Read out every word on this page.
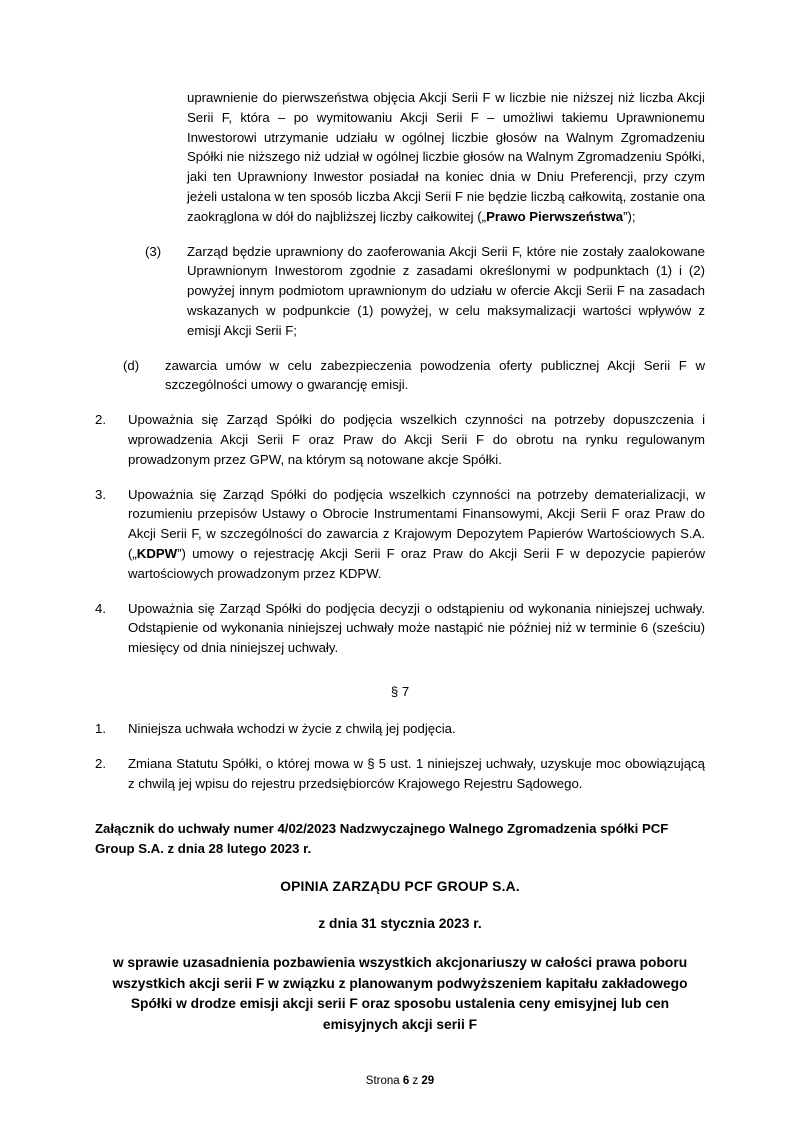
uprawnienie do pierwszeństwa objęcia Akcji Serii F w liczbie nie niższej niż liczba Akcji Serii F, która – po wymitowaniu Akcji Serii F – umożliwi takiemu Uprawnionemu Inwestorowi utrzymanie udziału w ogólnej liczbie głosów na Walnym Zgromadzeniu Spółki nie niższego niż udział w ogólnej liczbie głosów na Walnym Zgromadzeniu Spółki, jaki ten Uprawniony Inwestor posiadał na koniec dnia w Dniu Preferencji, przy czym jeżeli ustalona w ten sposób liczba Akcji Serii F nie będzie liczbą całkowitą, zostanie ona zaokrąglona w dół do najbliższej liczby całkowitej („Prawo Pierwszeństwa”);

(3)	Zarząd będzie uprawniony do zaoferowania Akcji Serii F, które nie zostały zaalokowane Uprawnionym Inwestorom zgodnie z zasadami określonymi w podpunktach (1) i (2) powyżej innym podmiotom uprawnionym do udziału w ofercie Akcji Serii F na zasadach wskazanych w podpunkcie (1) powyżej, w celu maksymalizacji wartości wpływów z emisji Akcji Serii F;
(d)	zawarcia umów w celu zabezpieczenia powodzenia oferty publicznej Akcji Serii F w szczególności umowy o gwarancję emisji.
2.	Upoważnia się Zarząd Spółki do podjęcia wszelkich czynności na potrzeby dopuszczenia i wprowadzenia Akcji Serii F oraz Praw do Akcji Serii F do obrotu na rynku regulowanym prowadzonym przez GPW, na którym są notowane akcje Spółki.
3.	Upoważnia się Zarząd Spółki do podjęcia wszelkich czynności na potrzeby dematerializacji, w rozumieniu przepisów Ustawy o Obrocie Instrumentami Finansowymi, Akcji Serii F oraz Praw do Akcji Serii F, w szczególności do zawarcia z Krajowym Depozytem Papierów Wartościowych S.A. („KDPW”) umowy o rejestrację Akcji Serii F oraz Praw do Akcji Serii F w depozycie papierów wartościowych prowadzonym przez KDPW.
4.	Upoważnia się Zarząd Spółki do podjęcia decyzji o odstąpieniu od wykonania niniejszej uchwały. Odstąpienie od wykonania niniejszej uchwały może nastąpić nie później niż w terminie 6 (sześciu) miesięcy od dnia niniejszej uchwały.
§ 7
1.	Niniejsza uchwała wchodzi w życie z chwilą jej podjęcia.
2.	Zmiana Statutu Spółki, o której mowa w § 5 ust. 1 niniejszej uchwały, uzyskuje moc obowiązującą z chwilą jej wpisu do rejestru przedsiębiorców Krajowego Rejestru Sądowego.
Załącznik do uchwały numer 4/02/2023 Nadzwyczajnego Walnego Zgromadzenia spółki PCF Group S.A. z dnia 28 lutego 2023 r.
OPINIA ZARZĄDU PCF GROUP S.A.
z dnia 31 stycznia 2023 r.
w sprawie uzasadnienia pozbawienia wszystkich akcjonariuszy w całości prawa poboru wszystkich akcji serii F w związku z planowanym podwyższeniem kapitału zakładowego Spółki w drodze emisji akcji serii F oraz sposobu ustalenia ceny emisyjnej lub cen emisyjnych akcji serii F
Strona 6 z 29
